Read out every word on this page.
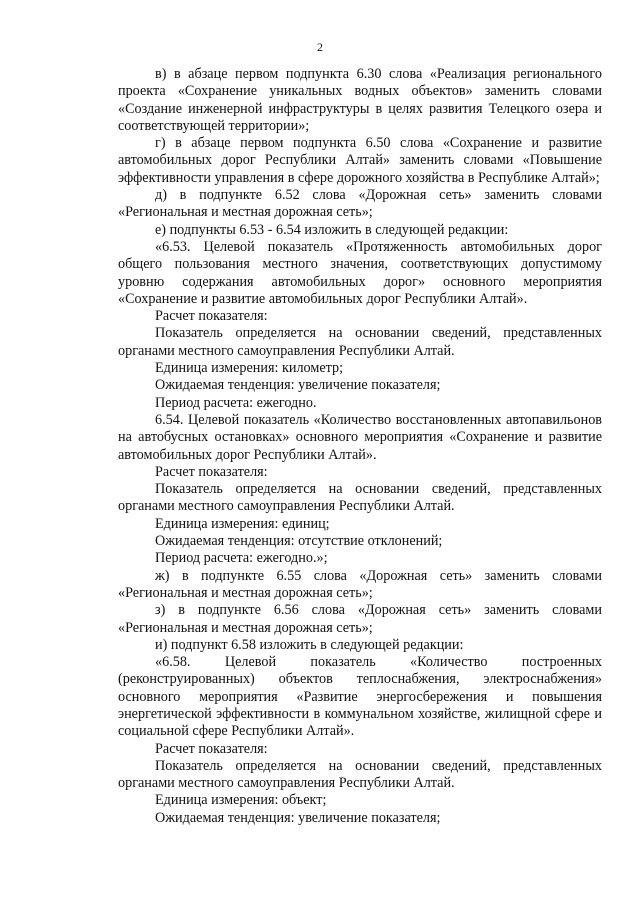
2

в) в абзаце первом подпункта 6.30 слова «Реализация регионального проекта «Сохранение уникальных водных объектов» заменить словами «Создание инженерной инфраструктуры в целях развития Телецкого озера и соответствующей территории»;

г) в абзаце первом подпункта 6.50 слова «Сохранение и развитие автомобильных дорог Республики Алтай» заменить словами «Повышение эффективности управления в сфере дорожного хозяйства в Республике Алтай»;

д) в подпункте 6.52 слова «Дорожная сеть» заменить словами «Региональная и местная дорожная сеть»;

е) подпункты 6.53 - 6.54 изложить в следующей редакции:

«6.53. Целевой показатель «Протяженность автомобильных дорог общего пользования местного значения, соответствующих допустимому уровню содержания автомобильных дорог» основного мероприятия «Сохранение и развитие автомобильных дорог Республики Алтай».

Расчет показателя:

Показатель определяется на основании сведений, представленных органами местного самоуправления Республики Алтай.

Единица измерения: километр;

Ожидаемая тенденция: увеличение показателя;

Период расчета: ежегодно.

6.54. Целевой показатель «Количество восстановленных автопавильонов на автобусных остановках» основного мероприятия «Сохранение и развитие автомобильных дорог Республики Алтай».

Расчет показателя:

Показатель определяется на основании сведений, представленных органами местного самоуправления Республики Алтай.

Единица измерения: единиц;

Ожидаемая тенденция: отсутствие отклонений;

Период расчета: ежегодно.»;

ж) в подпункте 6.55 слова «Дорожная сеть» заменить словами «Региональная и местная дорожная сеть»;

з) в подпункте 6.56 слова «Дорожная сеть» заменить словами «Региональная и местная дорожная сеть»;

и) подпункт 6.58 изложить в следующей редакции:

«6.58. Целевой показатель «Количество построенных (реконструированных) объектов теплоснабжения, электроснабжения» основного мероприятия «Развитие энергосбережения и повышения энергетической эффективности в коммунальном хозяйстве, жилищной сфере и социальной сфере Республики Алтай».

Расчет показателя:

Показатель определяется на основании сведений, представленных органами местного самоуправления Республики Алтай.

Единица измерения: объект;

Ожидаемая тенденция: увеличение показателя;
